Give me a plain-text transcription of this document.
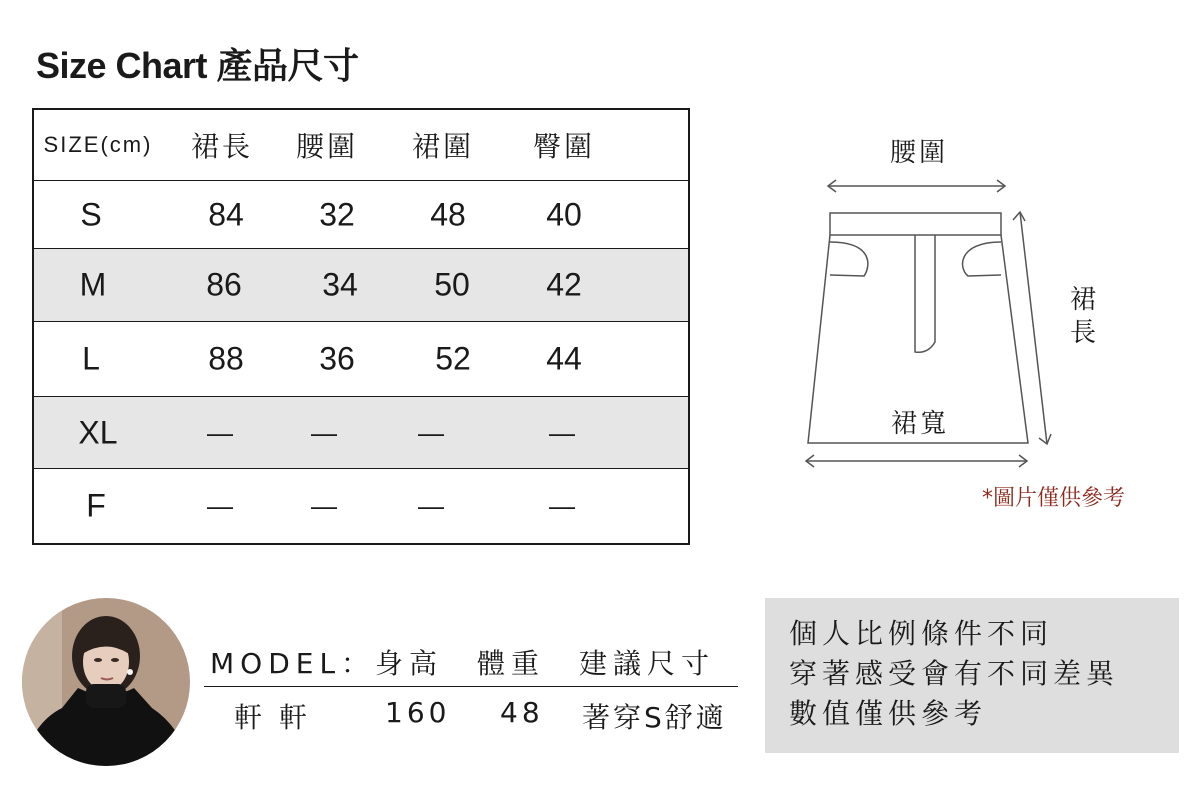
Size Chart 產品尺寸
SIZE(cm) 裙長 腰圍 裙圍 臀圍
S	84 32 48	40
M	86	34 50 42
L	88 36	52 44
XL	—	—	—	—
F	—	—	—	—
腰圍
裙
長
裙寬
*圖片僅供參考
MODEL：身高　體重　建議尺寸
軒 軒	160 48 著穿S舒適
個人比例條件不同
穿著感受會有不同差異
數值僅供參考
